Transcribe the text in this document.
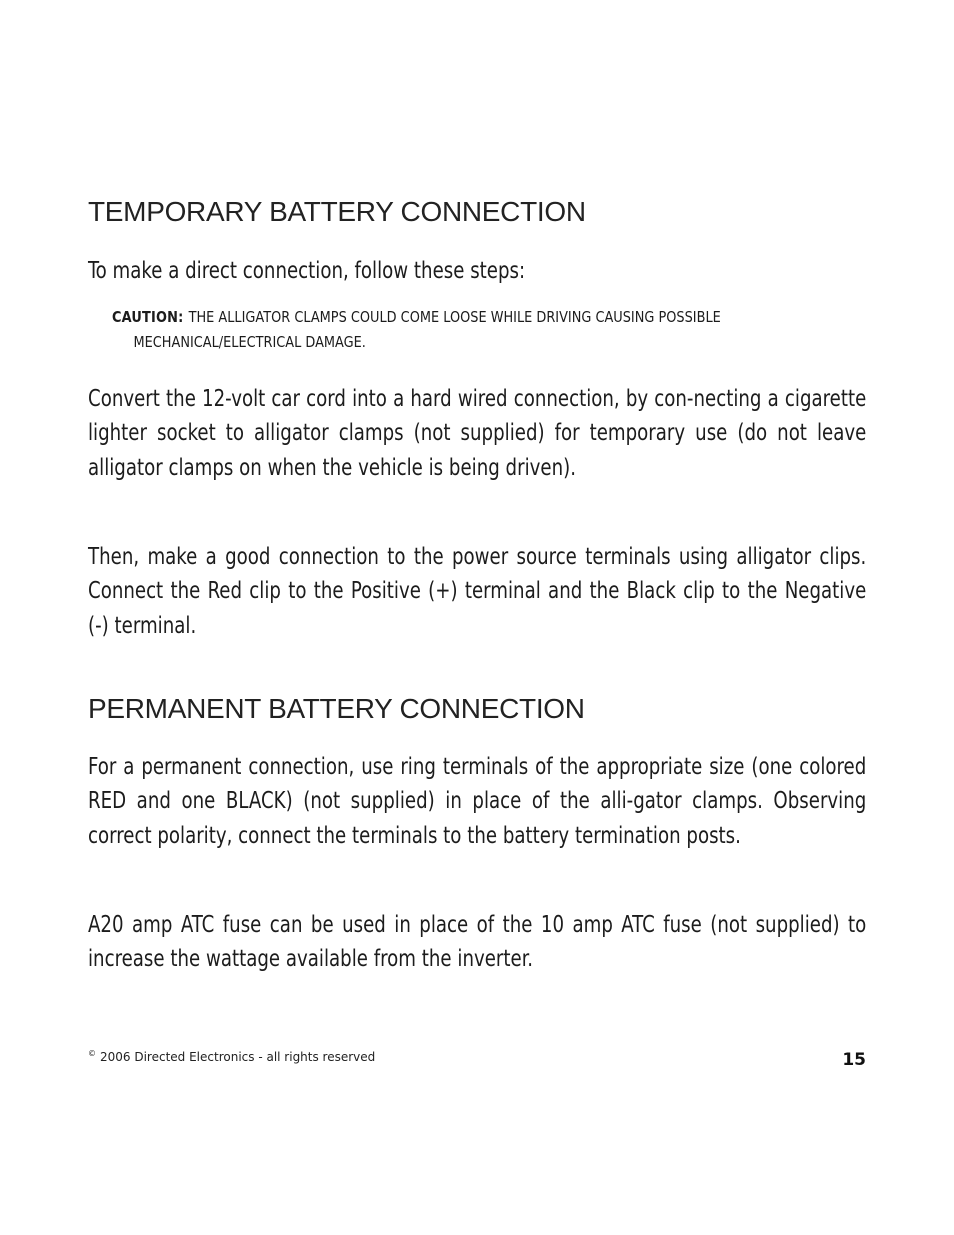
TEMPORARY BATTERY CONNECTION

To make a direct connection, follow these steps:

CAUTION: THE ALLIGATOR CLAMPS COULD COME LOOSE WHILE DRIVING CAUSING POSSIBLE
MECHANICAL/ELECTRICAL DAMAGE.

Convert the 12-volt car cord into a hard wired connection, by con-necting a cigarette lighter socket to alligator clamps (not supplied) for temporary use (do not leave alligator clamps on when the vehicle is being driven).

Then, make a good connection to the power source terminals using alligator clips. Connect the Red clip to the Positive (+) terminal and the Black clip to the Negative (-) terminal.

PERMANENT BATTERY CONNECTION

For a permanent connection, use ring terminals of the appropriate size (one colored RED and one BLACK) (not supplied) in place of the alli-gator clamps. Observing correct polarity, connect the terminals to the battery termination posts.

A20 amp ATC fuse can be used in place of the 10 amp ATC fuse (not supplied) to increase the wattage available from the inverter.

© 2006 Directed Electronics - all rights reserved	15
